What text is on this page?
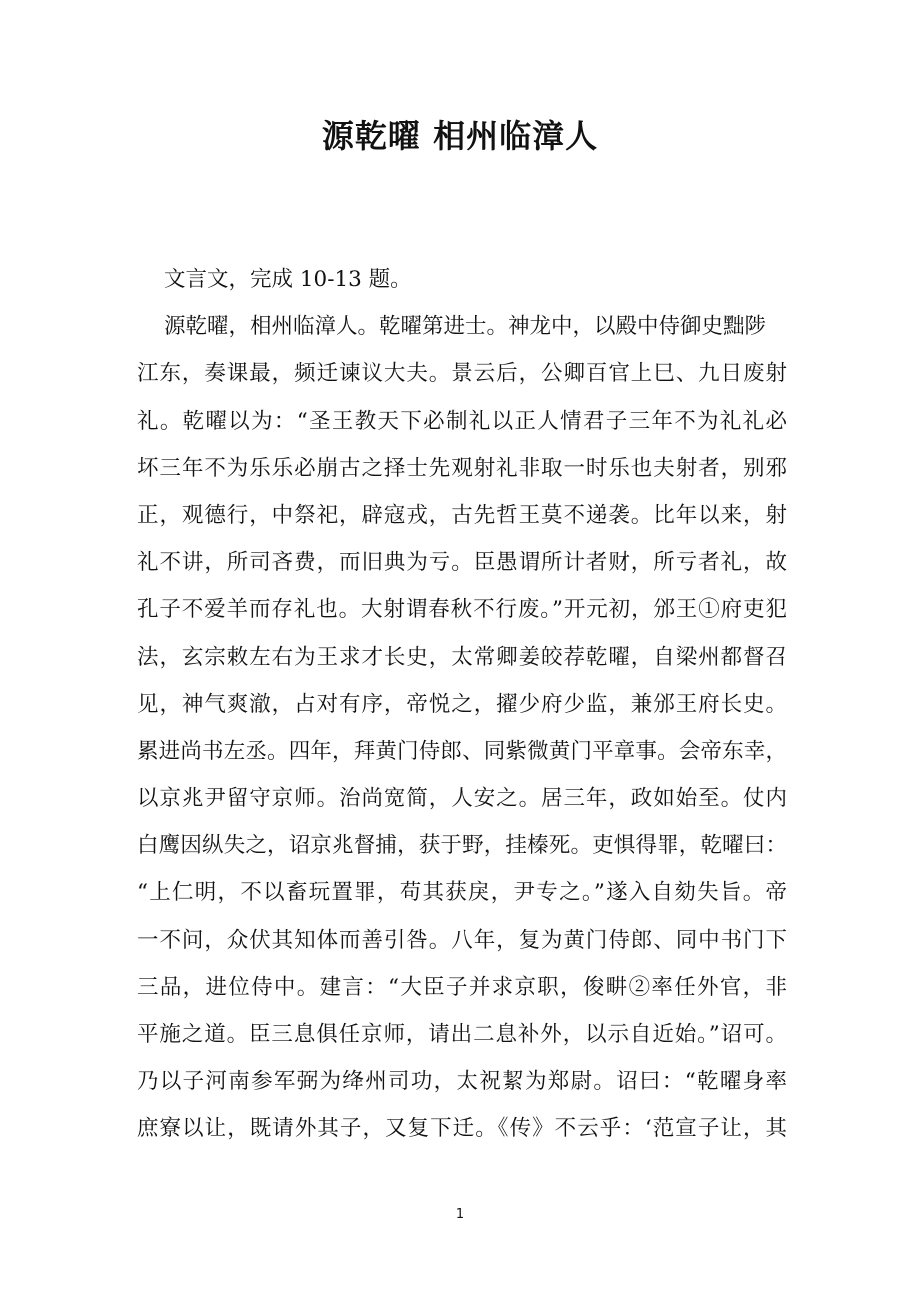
源乾曜 相州临漳人
文言文，完成 10-13 题。
源乾曜，相州临漳人。乾曜第进士。神龙中，以殿中侍御史黜陟
江东，奏课最，频迁谏议大夫。景云后，公卿百官上巳、九日废射
礼。乾曜以为：“圣王教天下必制礼以正人情君子三年不为礼礼必
坏三年不为乐乐必崩古之择士先观射礼非取一时乐也夫射者，别邪
正，观德行，中祭祀，辟寇戎，古先哲王莫不递袭。比年以来，射
礼不讲，所司吝费，而旧典为亏。臣愚谓所计者财，所亏者礼，故
孔子不爱羊而存礼也。大射谓春秋不行废。”开元初，邠王①府吏犯
法，玄宗敕左右为王求才长史，太常卿姜皎荐乾曜，自梁州都督召
见，神气爽澈，占对有序，帝悦之，擢少府少监，兼邠王府长史。
累进尚书左丞。四年，拜黄门侍郎、同紫微黄门平章事。会帝东幸，
以京兆尹留守京师。治尚宽简，人安之。居三年，政如始至。仗内
白鹰因纵失之，诏京兆督捕，获于野，挂榛死。吏惧得罪，乾曜曰：
“上仁明，不以畜玩置罪，苟其获戾，尹专之。”遂入自劾失旨。帝
一不问，众伏其知体而善引咎。八年，复为黄门侍郎、同中书门下
三品，进位侍中。建言：“大臣子并求京职，俊畊②率任外官，非
平施之道。臣三息俱任京师，请出二息补外，以示自近始。”诏可。
乃以子河南参军弼为绛州司功，太祝絜为郑尉。诏曰：“乾曜身率
庶寮以让，既请外其子，又复下迁。《传》不云乎：‘范宣子让，其
1
